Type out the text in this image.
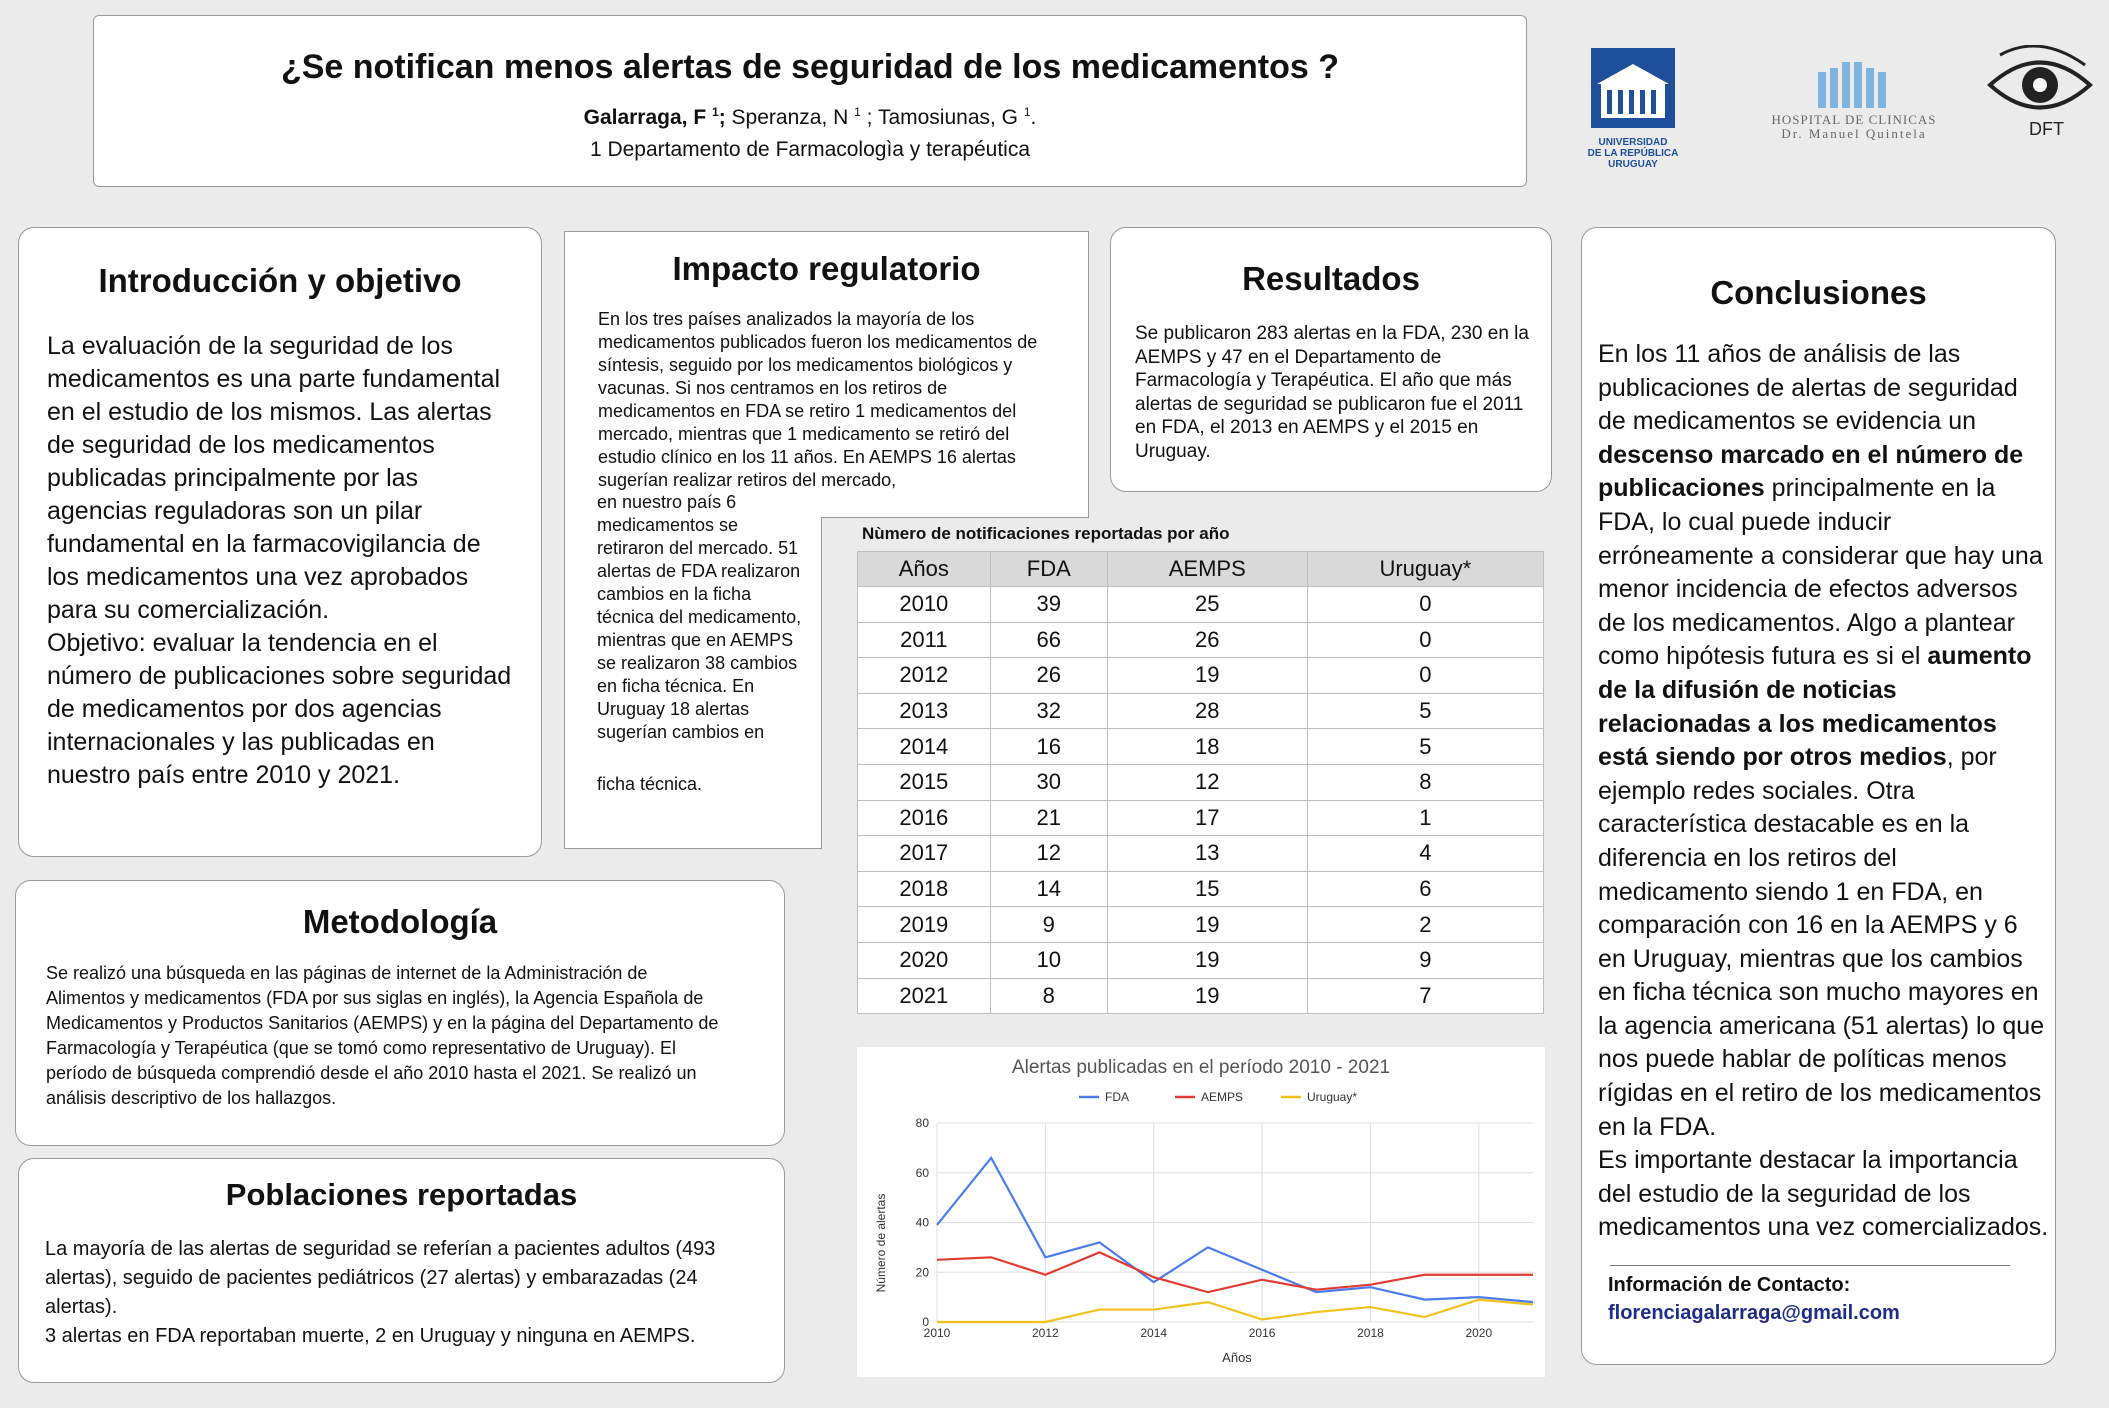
¿Se notifican menos alertas de seguridad de los medicamentos ?
Galarraga, F $^1$; Speranza, N $^1$ ; Tamosiunas, G $^1$.
1 Departamento de Farmacologìa y terapéutica	UNIVERSIDAD
DE LA REPÚBLICA
URUGUAY
HOSPITAL DE CLINICAS
Dr. Manuel Quintela	DFT
Introducción y objetivo
La evaluación de la seguridad de los medicamentos es una parte fundamental en el estudio de los mismos. Las alertas de seguridad de los medicamentos publicadas principalmente por las agencias reguladoras son un pilar fundamental en la farmacovigilancia de los medicamentos una vez aprobados para su comercialización.
Objetivo: evaluar la tendencia en el número de publicaciones sobre seguridad de medicamentos por dos agencias internacionales y las publicadas en nuestro país entre 2010 y 2021.
Impacto regulatorio
En los tres países analizados la mayoría de los medicamentos publicados fueron los medicamentos de síntesis, seguido por los medicamentos biológicos y vacunas. Si nos centramos en los retiros de medicamentos en FDA se retiro 1 medicamentos del mercado, mientras que 1 medicamento se retiró del estudio clínico en los 11 años. En AEMPS 16 alertas sugerían realizar retiros del mercado,
en nuestro país 6 medicamentos se retiraron del mercado. 51 alertas de FDA realizaron cambios en la ficha técnica del medicamento, mientras que en AEMPS se realizaron 38 cambios en ficha técnica. En Uruguay 18 alertas sugerían cambios en
ficha técnica.
Resultados
Se publicaron 283 alertas en la FDA, 230 en la AEMPS y 47 en el Departamento de Farmacología y Terapéutica. El año que más alertas de seguridad se publicaron fue el 2011 en FDA, el 2013 en AEMPS y el 2015 en Uruguay.
Nùmero de notificaciones reportadas por año
Años	FDA	AEMPS	Uruguay*
2010	39	25	0
2011	66	26	0
2012	26	19	0
2013	32	28	5
2014	16	18	5
2015	30	12	8
2016	21	17	1
2017	12	13	4
2018	14	15	6
2019	9	19	2
2020	10	19	9
2021	8	19	7
Alertas publicadas en el período 2010 - 2021
FDA	AEMPS	Uruguay*
0
20
40
60
80
2010	2012	2014	2016	2018	2020
Años
Número de alertas
Metodología
Se realizó una búsqueda en las páginas de internet de la Administración de Alimentos y medicamentos (FDA por sus siglas en inglés), la Agencia Española de Medicamentos y Productos Sanitarios (AEMPS) y en la página del Departamento de Farmacología y Terapéutica (que se tomó como representativo de Uruguay). El período de búsqueda comprendió desde el año 2010 hasta el 2021. Se realizó un análisis descriptivo de los hallazgos.
Poblaciones reportadas
La mayoría de las alertas de seguridad se referían a pacientes adultos (493 alertas), seguido de pacientes pediátricos (27 alertas) y embarazadas (24 alertas).
3 alertas en FDA reportaban muerte, 2 en Uruguay y ninguna en AEMPS.
Conclusiones
En los 11 años de análisis de las publicaciones de alertas de seguridad de medicamentos se evidencia un descenso marcado en el número de publicaciones principalmente en la FDA, lo cual puede inducir erróneamente a considerar que hay una menor incidencia de efectos adversos de los medicamentos. Algo a plantear como hipótesis futura es si el aumento de la difusión de noticias relacionadas a los medicamentos está siendo por otros medios, por ejemplo redes sociales. Otra característica destacable es en la diferencia en los retiros del medicamento siendo 1 en FDA, en comparación con 16 en la AEMPS y 6 en Uruguay, mientras que los cambios en ficha técnica son mucho mayores en la agencia americana (51 alertas) lo que nos puede hablar de políticas menos rígidas en el retiro de los medicamentos en la FDA.
Es importante destacar la importancia del estudio de la seguridad de los medicamentos una vez comercializados.
Información de Contacto:
florenciagalarraga@gmail.com
